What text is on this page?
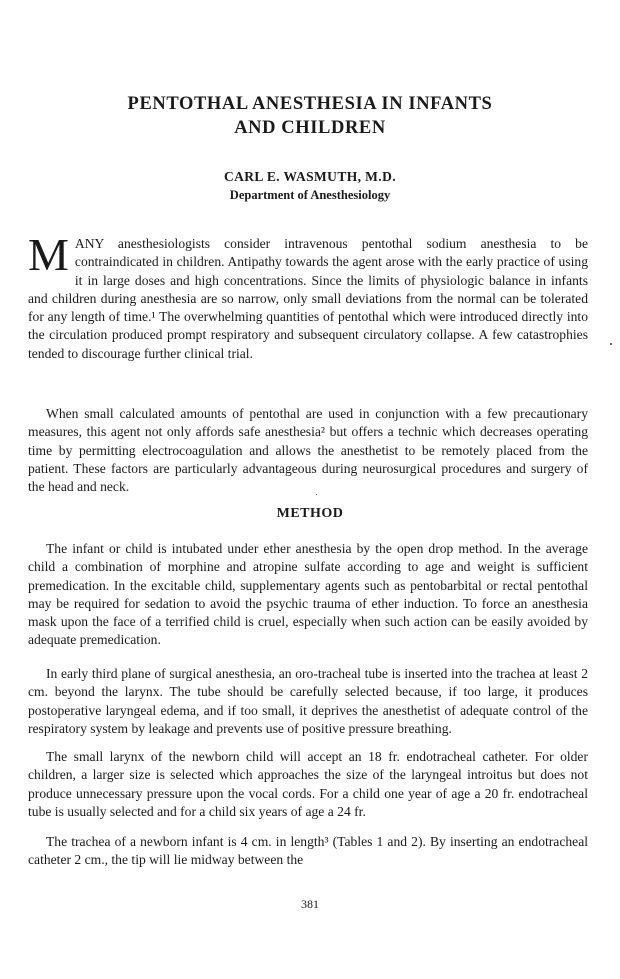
PENTOTHAL ANESTHESIA IN INFANTS
AND CHILDREN
CARL E. WASMUTH, M.D.
Department of Anesthesiology

MANY anesthesiologists consider intravenous pentothal sodium anesthesia to be contraindicated in children. Antipathy towards the agent arose with the early practice of using it in large doses and high concentrations. Since the limits of physiologic balance in infants and children during anesthesia are so narrow, only small deviations from the normal can be tolerated for any length of time.¹ The overwhelming quantities of pentothal which were introduced directly into the circulation produced prompt respiratory and subsequent circulatory collapse. A few catastrophies tended to discourage further clinical trial.

When small calculated amounts of pentothal are used in conjunction with a few precautionary measures, this agent not only affords safe anesthesia² but offers a technic which decreases operating time by permitting electrocoagulation and allows the anesthetist to be remotely placed from the patient. These factors are particularly advantageous during neurosurgical procedures and surgery of the head and neck.

METHOD

The infant or child is intubated under ether anesthesia by the open drop method. In the average child a combination of morphine and atropine sulfate according to age and weight is sufficient premedication. In the excitable child, supplementary agents such as pentobarbital or rectal pentothal may be required for sedation to avoid the psychic trauma of ether induction. To force an anesthesia mask upon the face of a terrified child is cruel, especially when such action can be easily avoided by adequate premedication.

In early third plane of surgical anesthesia, an oro-tracheal tube is inserted into the trachea at least 2 cm. beyond the larynx. The tube should be carefully selected because, if too large, it produces postoperative laryngeal edema, and if too small, it deprives the anesthetist of adequate control of the respiratory system by leakage and prevents use of positive pressure breathing.

The small larynx of the newborn child will accept an 18 fr. endotracheal catheter. For older children, a larger size is selected which approaches the size of the laryngeal introitus but does not produce unnecessary pressure upon the vocal cords. For a child one year of age a 20 fr. endotracheal tube is usually selected and for a child six years of age a 24 fr.

The trachea of a newborn infant is 4 cm. in length³ (Tables 1 and 2). By inserting an endotracheal catheter 2 cm., the tip will lie midway between the

381
